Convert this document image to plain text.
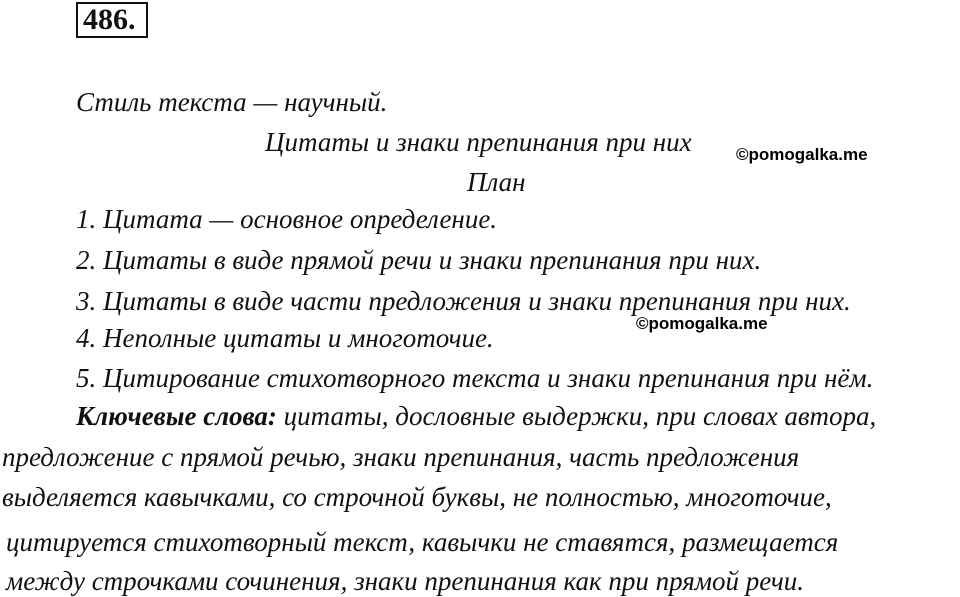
486.
Стиль текста — научный.
Цитаты и знаки препинания при них	©pomogalka.me
План
1. Цитата — основное определение.
2. Цитаты в виде прямой речи и знаки препинания при них.
3. Цитаты в виде части предложения и знаки препинания при них.
©pomogalka.me
4. Неполные цитаты и многоточие.
5. Цитирование стихотворного текста и знаки препинания при нём.
Ключевые слова: цитаты, дословные выдержки, при словах автора,
предложение с прямой речью, знаки препинания, часть предложения
выделяется кавычками, со строчной буквы, не полностью, многоточие,
цитируется стихотворный текст, кавычки не ставятся, размещается
между строчками сочинения, знаки препинания как при прямой речи.
